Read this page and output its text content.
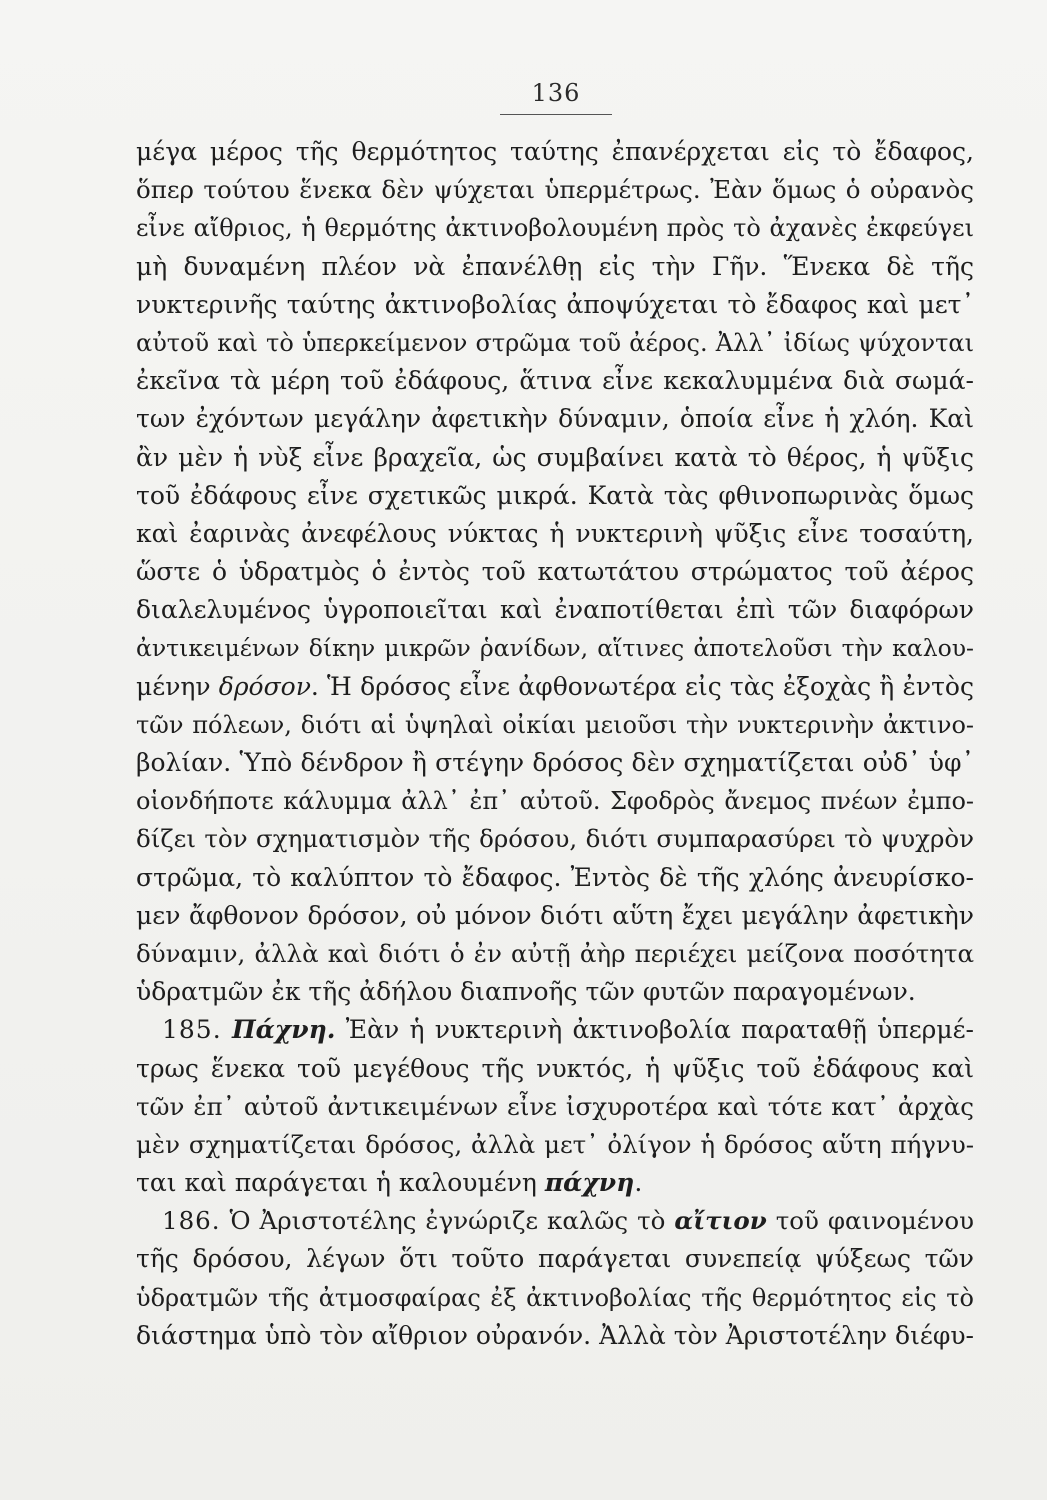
136
μέγα μέρος τῆς θερμότητος ταύτης ἐπανέρχεται εἰς τὸ ἔδαφος,
ὅπερ τούτου ἕνεκα δὲν ψύχεται ὑπερμέτρως. Ἐὰν ὅμως ὁ οὐρανὸς
εἶνε αἴθριος, ἡ θερμότης ἀκτινοβολουμένη πρὸς τὸ ἀχανὲς ἐκφεύγει
μὴ δυναμένη πλέον νὰ ἐπανέλθῃ εἰς τὴν Γῆν. Ἕνεκα δὲ τῆς
νυκτερινῆς ταύτης ἀκτινοβολίας ἀποψύχεται τὸ ἔδαφος καὶ μετ᾽
αὐτοῦ καὶ τὸ ὑπερκείμενον στρῶμα τοῦ ἀέρος. Ἀλλ᾽ ἰδίως ψύχονται
ἐκεῖνα τὰ μέρη τοῦ ἐδάφους, ἅτινα εἶνε κεκαλυμμένα διὰ σωμά-
των ἐχόντων μεγάλην ἀφετικὴν δύναμιν, ὁποία εἶνε ἡ χλόη. Καὶ
ἂν μὲν ἡ νὺξ εἶνε βραχεῖα, ὡς συμβαίνει κατὰ τὸ θέρος, ἡ ψῦξις
τοῦ ἐδάφους εἶνε σχετικῶς μικρά. Κατὰ τὰς φθινοπωρινὰς ὅμως
καὶ ἐαρινὰς ἀνεφέλους νύκτας ἡ νυκτερινὴ ψῦξις εἶνε τοσαύτη,
ὥστε ὁ ὑδρατμὸς ὁ ἐντὸς τοῦ κατωτάτου στρώματος τοῦ ἀέρος
διαλελυμένος ὑγροποιεῖται καὶ ἐναποτίθεται ἐπὶ τῶν διαφόρων
ἀντικειμένων δίκην μικρῶν ῥανίδων, αἵτινες ἀποτελοῦσι τὴν καλου-
μένην δρόσον. Ἡ δρόσος εἶνε ἀφθονωτέρα εἰς τὰς ἐξοχὰς ἢ ἐντὸς
τῶν πόλεων, διότι αἱ ὑψηλαὶ οἰκίαι μειοῦσι τὴν νυκτερινὴν ἀκτινο-
βολίαν. Ὑπὸ δένδρον ἢ στέγην δρόσος δὲν σχηματίζεται οὐδ᾽ ὑφ᾽
οἱονδήποτε κάλυμμα ἀλλ᾽ ἐπ᾽ αὐτοῦ. Σφοδρὸς ἄνεμος πνέων ἐμπο-
δίζει τὸν σχηματισμὸν τῆς δρόσου, διότι συμπαρασύρει τὸ ψυχρὸν
στρῶμα, τὸ καλύπτον τὸ ἔδαφος. Ἐντὸς δὲ τῆς χλόης ἀνευρίσκο-
μεν ἄφθονον δρόσον, οὐ μόνον διότι αὕτη ἔχει μεγάλην ἀφετικὴν
δύναμιν, ἀλλὰ καὶ διότι ὁ ἐν αὐτῇ ἀὴρ περιέχει μείζονα ποσότητα
ὑδρατμῶν ἐκ τῆς ἀδήλου διαπνοῆς τῶν φυτῶν παραγομένων.
185. Πάχνη. Ἐὰν ἡ νυκτερινὴ ἀκτινοβολία παραταθῇ ὑπερμέ-
τρως ἕνεκα τοῦ μεγέθους τῆς νυκτός, ἡ ψῦξις τοῦ ἐδάφους καὶ
τῶν ἐπ᾽ αὐτοῦ ἀντικειμένων εἶνε ἰσχυροτέρα καὶ τότε κατ᾽ ἀρχὰς
μὲν σχηματίζεται δρόσος, ἀλλὰ μετ᾽ ὀλίγον ἡ δρόσος αὕτη πήγνυ-
ται καὶ παράγεται ἡ καλουμένη πάχνη.
186. Ὁ Ἀριστοτέλης ἐγνώριζε καλῶς τὸ αἴτιον τοῦ φαινομένου
τῆς δρόσου, λέγων ὅτι τοῦτο παράγεται συνεπείᾳ ψύξεως τῶν
ὑδρατμῶν τῆς ἀτμοσφαίρας ἐξ ἀκτινοβολίας τῆς θερμότητος εἰς τὸ
διάστημα ὑπὸ τὸν αἴθριον οὐρανόν. Ἀλλὰ τὸν Ἀριστοτέλην διέφυ-
